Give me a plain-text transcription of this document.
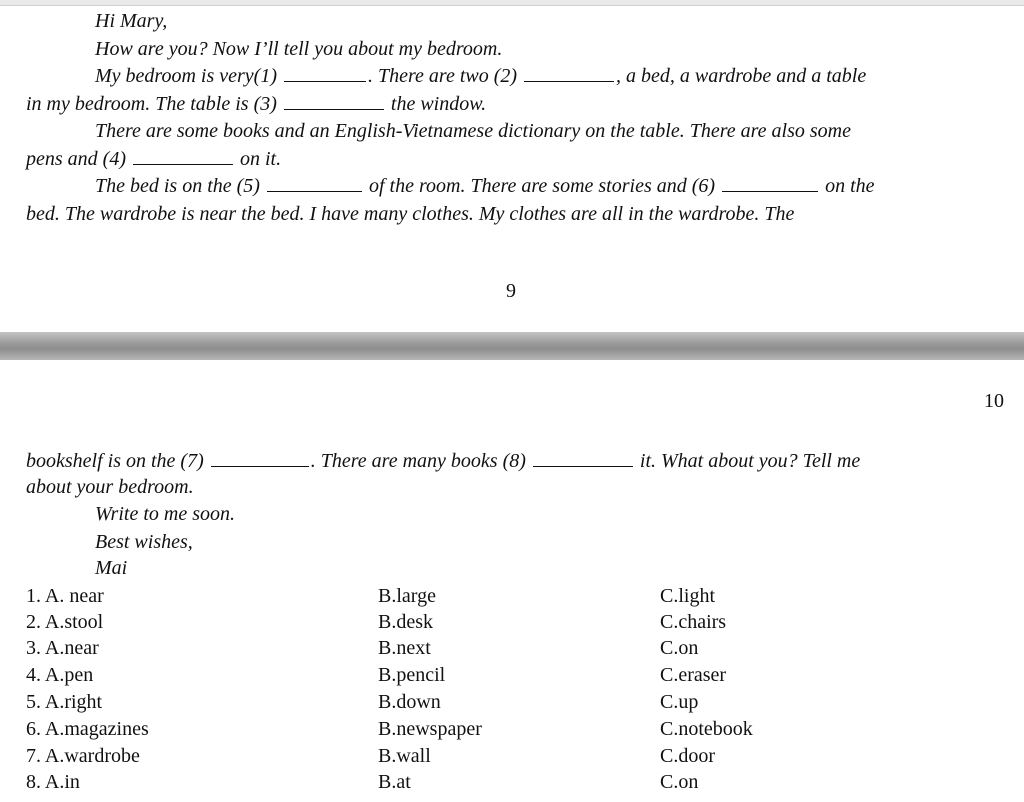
Hi Mary,
How are you? Now I’ll tell you about my bedroom.
My bedroom is very(1)	. There are two (2)	, a bed, a wardrobe and a table
in my bedroom. The table is (3)	the window.
There are some books and an English-Vietnamese dictionary on the table. There are also some
pens and (4)	on it.
The bed is on the (5)	of the room. There are some stories and (6)	on the
bed. The wardrobe is near the bed. I have many clothes. My clothes are all in the wardrobe. The
9
10
bookshelf is on the (7)	. There are many books (8)	it. What about you? Tell me
about your bedroom.
Write to me soon.
Best wishes,
Mai
1. A. near	B.large	C.light
2. A.stool	B.desk	C.chairs
3. A.near	B.next	C.on
4. A.pen	B.pencil	C.eraser
5. A.right	B.down	C.up
6. A.magazines	B.newspaper	C.notebook
7. A.wardrobe	B.wall	C.door
8. A.in	B.at	C.on
